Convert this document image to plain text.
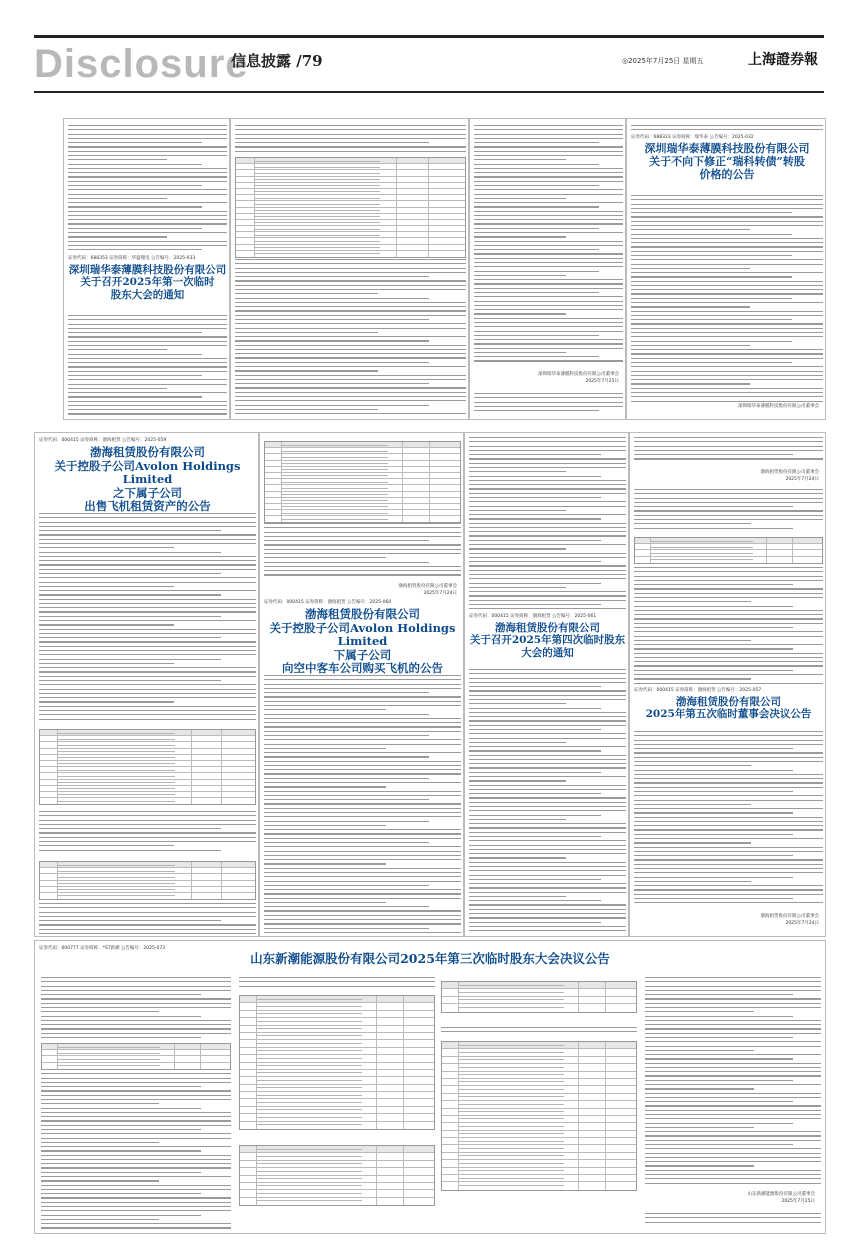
Disclosure
信息披露 /79	◎2025年7月25日 星期五	上海證券報
证券代码：688353 证券简称：华盛锂电 公告编号：2025-033
深圳瑞华泰薄膜科技股份有限公司
关于召开2025年第一次临时
股东大会的通知
深圳瑞华泰薄膜科技股份有限公司董事会
2025年7月25日
证券代码：688323 证券简称：瑞华泰 公告编号：2025-032
深圳瑞华泰薄膜科技股份有限公司
关于不向下修正“瑞科转债”转股
价格的公告
深圳瑞华泰薄膜科技股份有限公司董事会
证券代码：000415 证券简称：渤海租赁 公告编号：2025-059
渤海租赁股份有限公司
关于控股子公司Avolon Holdings Limited
之下属子公司
出售飞机租赁资产的公告
渤海租赁股份有限公司董事会
2025年7月24日
证券代码：000415 证券简称：渤海租赁 公告编号：2025-060
渤海租赁股份有限公司
关于控股子公司Avolon Holdings Limited
下属子公司
向空中客车公司购买飞机的公告
证券代码：000415 证券简称：渤海租赁 公告编号：2025-061
渤海租赁股份有限公司
关于召开2025年第四次临时股东
大会的通知
渤海租赁股份有限公司董事会
2025年7月24日
证券代码：000415 证券简称：渤海租赁 公告编号：2025-057
渤海租赁股份有限公司
2025年第五次临时董事会决议公告
渤海租赁股份有限公司董事会
2025年7月24日
证券代码：600777 证券简称：*ST新潮 公告编号：2025-073
山东新潮能源股份有限公司2025年第三次临时股东大会决议公告
山东新潮能源股份有限公司董事会
2025年7月25日
